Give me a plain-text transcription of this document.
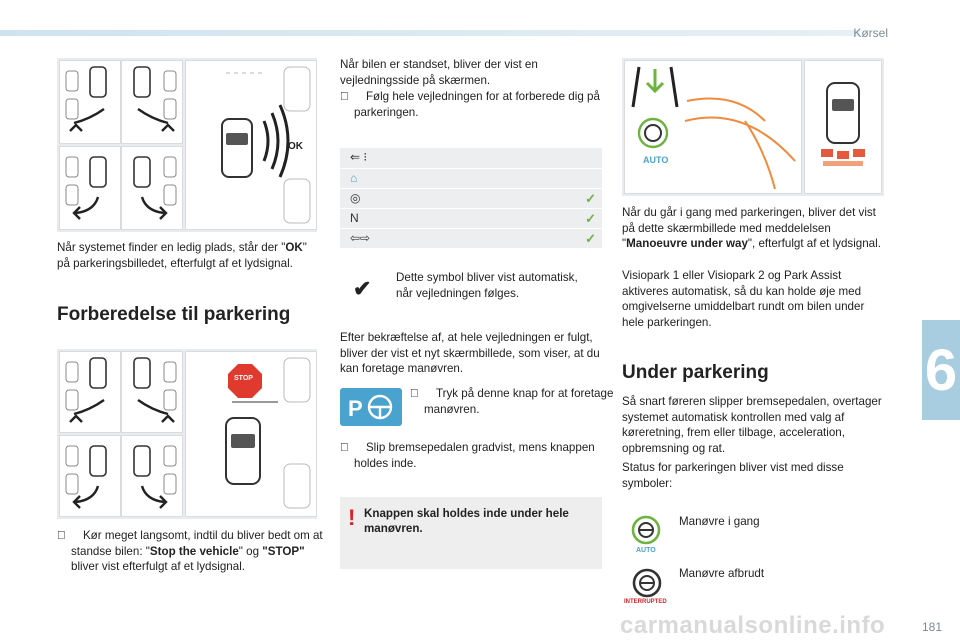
Kørsel
6
181
carmanualsonline.info
OK
Når systemet finder en ledig plads, står der "OK" på parkeringsbilledet, efterfulgt af et lydsignal.
Forberedelse til parkering
STOP
Kør meget langsomt, indtil du bliver bedt om at standse bilen: "Stop the vehicle" og "STOP" bliver vist efterfulgt af et lydsignal.
Når bilen er standset, bliver der vist en vejledningsside på skærmen.
Følg hele vejledningen for at forberede dig på parkeringen.
⇐ ⁝
⌂
◎	✓
N	✓
⇦⇨	✓
✔ Dette symbol bliver vist automatisk, når vejledningen følges.
Efter bekræftelse af, at hele vejledningen er fulgt, bliver der vist et nyt skærmbillede, som viser, at du kan foretage manøvren.
P
Tryk på denne knap for at foretage manøvren.
Slip bremsepedalen gradvist, mens knappen holdes inde.
! Knappen skal holdes inde under hele manøvren.
AUTO
Når du går i gang med parkeringen, bliver det vist på dette skærmbillede med meddelelsen "Manoeuvre under way", efterfulgt af et lydsignal.
Visiopark 1 eller Visiopark 2 og Park Assist aktiveres automatisk, så du kan holde øje med omgivelserne umiddelbart rundt om bilen under hele parkeringen.
Under parkering
Så snart føreren slipper bremsepedalen, overtager systemet automatisk kontrollen med valg af køreretning, frem eller tilbage, acceleration, opbremsning og rat.
Status for parkeringen bliver vist med disse symboler:
AUTO
Manøvre i gang
INTERRUPTED
Manøvre afbrudt
